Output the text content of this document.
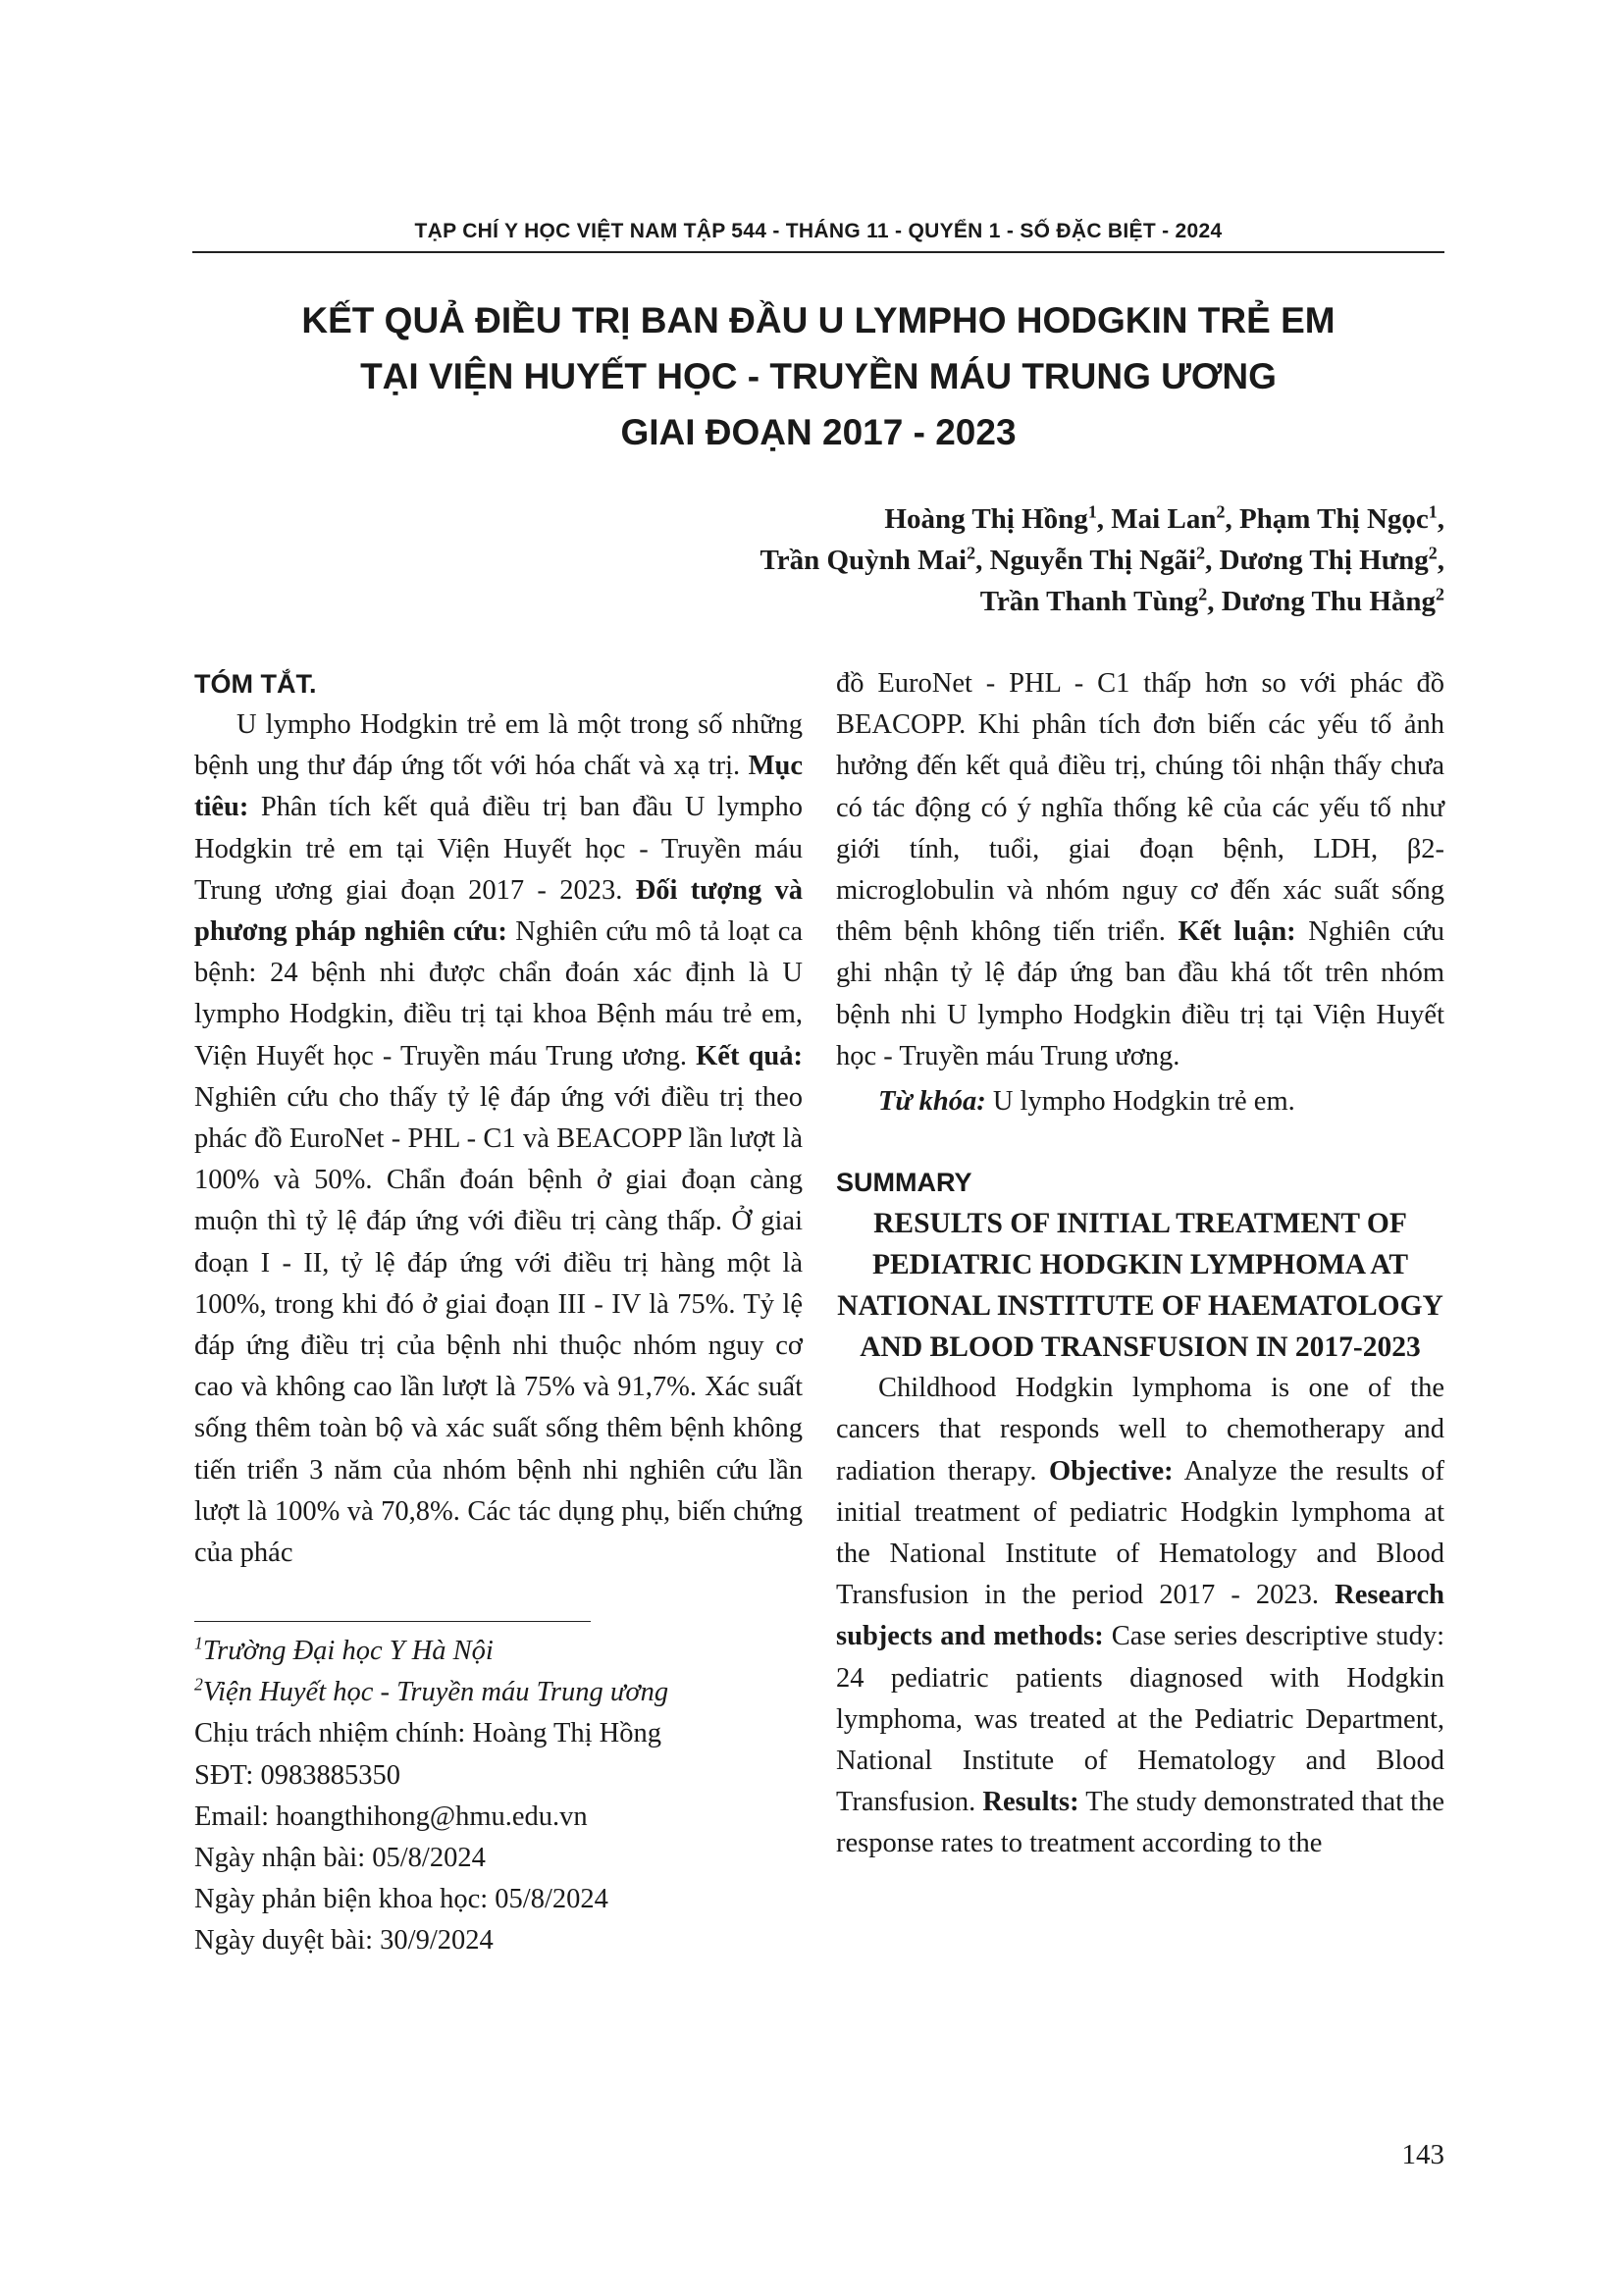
TẠP CHÍ Y HỌC VIỆT NAM TẬP 544 - THÁNG 11 - QUYỂN 1 - SỐ ĐẶC BIỆT - 2024
KẾT QUẢ ĐIỀU TRỊ BAN ĐẦU U LYMPHO HODGKIN TRẺ EM
TẠI VIỆN HUYẾT HỌC - TRUYỀN MÁU TRUNG ƯƠNG
GIAI ĐOẠN 2017 - 2023
Hoàng Thị Hồng$^1$, Mai Lan$^2$, Phạm Thị Ngọc$^1$,
Trần Quỳnh Mai$^2$, Nguyễn Thị Ngãi$^2$, Dương Thị Hưng$^2$,
Trần Thanh Tùng$^2$, Dương Thu Hằng$^2$
TÓM TẮT.

U lympho Hodgkin trẻ em là một trong số những bệnh ung thư đáp ứng tốt với hóa chất và xạ trị. Mục tiêu: Phân tích kết quả điều trị ban đầu U lympho Hodgkin trẻ em tại Viện Huyết học - Truyền máu Trung ương giai đoạn 2017 - 2023. Đối tượng và phương pháp nghiên cứu: Nghiên cứu mô tả loạt ca bệnh: 24 bệnh nhi được chẩn đoán xác định là U lympho Hodgkin, điều trị tại khoa Bệnh máu trẻ em, Viện Huyết học - Truyền máu Trung ương. Kết quả: Nghiên cứu cho thấy tỷ lệ đáp ứng với điều trị theo phác đồ EuroNet - PHL - C1 và BEACOPP lần lượt là 100% và 50%. Chẩn đoán bệnh ở giai đoạn càng muộn thì tỷ lệ đáp ứng với điều trị càng thấp. Ở giai đoạn I - II, tỷ lệ đáp ứng với điều trị hàng một là 100%, trong khi đó ở giai đoạn III - IV là 75%. Tỷ lệ đáp ứng điều trị của bệnh nhi thuộc nhóm nguy cơ cao và không cao lần lượt là 75% và 91,7%. Xác suất sống thêm toàn bộ và xác suất sống thêm bệnh không tiến triển 3 năm của nhóm bệnh nhi nghiên cứu lần lượt là 100% và 70,8%. Các tác dụng phụ, biến chứng của phác

$^1$Trường Đại học Y Hà Nội
$^2$Viện Huyết học - Truyền máu Trung ương
Chịu trách nhiệm chính: Hoàng Thị Hồng
SĐT: 0983885350
Email: hoangthihong@hmu.edu.vn
Ngày nhận bài: 05/8/2024
Ngày phản biện khoa học: 05/8/2024
Ngày duyệt bài: 30/9/2024

đồ EuroNet - PHL - C1 thấp hơn so với phác đồ BEACOPP. Khi phân tích đơn biến các yếu tố ảnh hưởng đến kết quả điều trị, chúng tôi nhận thấy chưa có tác động có ý nghĩa thống kê của các yếu tố như giới tính, tuổi, giai đoạn bệnh, LDH, β2-microglobulin và nhóm nguy cơ đến xác suất sống thêm bệnh không tiến triển. Kết luận: Nghiên cứu ghi nhận tỷ lệ đáp ứng ban đầu khá tốt trên nhóm bệnh nhi U lympho Hodgkin điều trị tại Viện Huyết học - Truyền máu Trung ương.

Từ khóa: U lympho Hodgkin trẻ em.

SUMMARY

RESULTS OF INITIAL TREATMENT OF PEDIATRIC HODGKIN LYMPHOMA AT NATIONAL INSTITUTE OF HAEMATOLOGY AND BLOOD TRANSFUSION IN 2017-2023

Childhood Hodgkin lymphoma is one of the cancers that responds well to chemotherapy and radiation therapy. Objective: Analyze the results of initial treatment of pediatric Hodgkin lymphoma at the National Institute of Hematology and Blood Transfusion in the period 2017 - 2023. Research subjects and methods: Case series descriptive study: 24 pediatric patients diagnosed with Hodgkin lymphoma, was treated at the Pediatric Department, National Institute of Hematology and Blood Transfusion. Results: The study demonstrated that the response rates to treatment according to the

143
